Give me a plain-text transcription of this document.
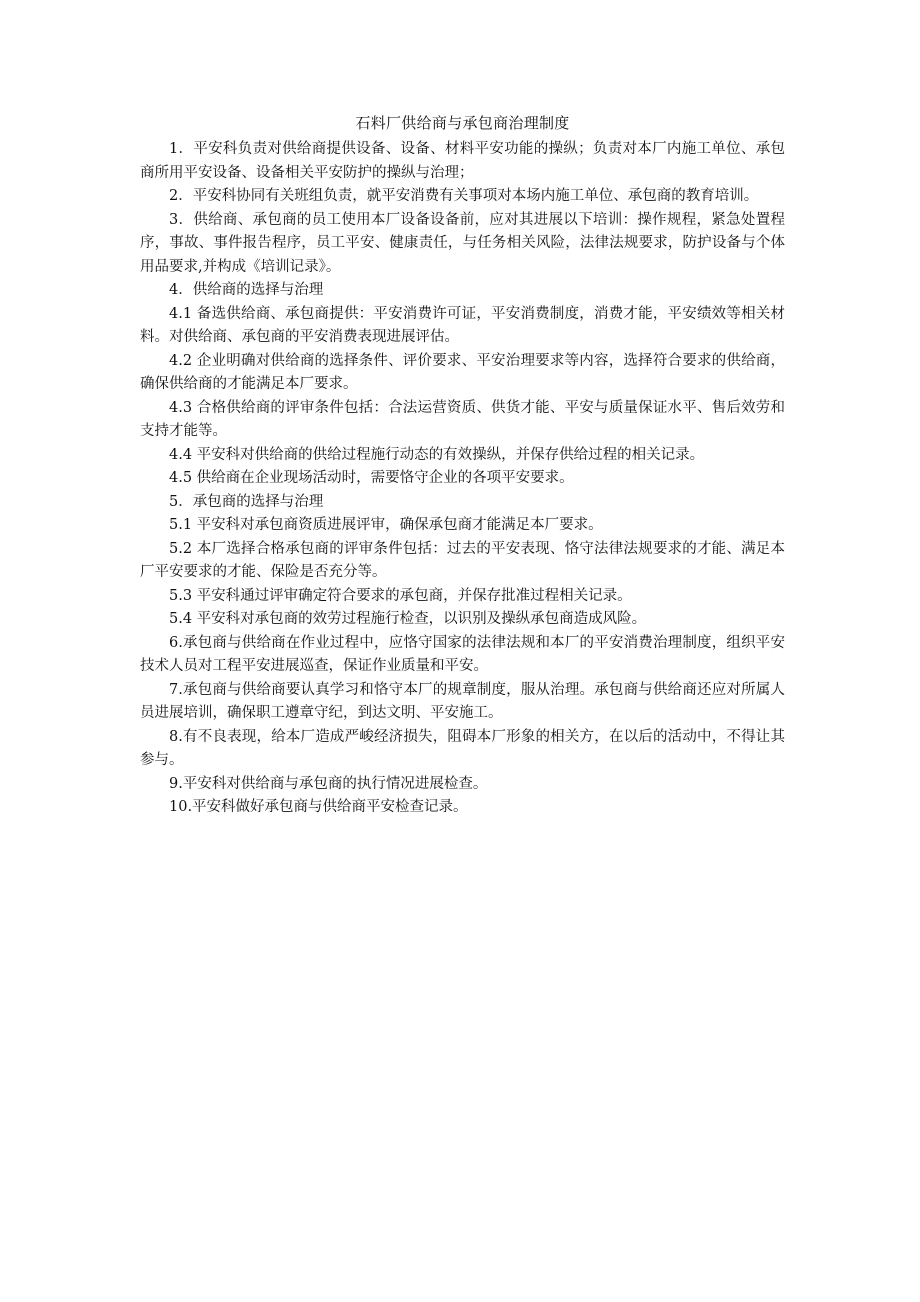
石料厂供给商与承包商治理制度

1．平安科负责对供给商提供设备、设备、材料平安功能的操纵；负责对本厂内施工单位、承包商所用平安设备、设备相关平安防护的操纵与治理；

2．平安科协同有关班组负责，就平安消费有关事项对本场内施工单位、承包商的教育培训。

3．供给商、承包商的员工使用本厂设备设备前，应对其进展以下培训：操作规程，紧急处置程序，事故、事件报告程序，员工平安、健康责任，与任务相关风险，法律法规要求，防护设备与个体用品要求,并构成《培训记录》。

4．供给商的选择与治理

4.1 备选供给商、承包商提供：平安消费许可证，平安消费制度，消费才能，平安绩效等相关材料。对供给商、承包商的平安消费表现进展评估。

4.2 企业明确对供给商的选择条件、评价要求、平安治理要求等内容，选择符合要求的供给商，确保供给商的才能满足本厂要求。

4.3 合格供给商的评审条件包括：合法运营资质、供货才能、平安与质量保证水平、售后效劳和支持才能等。

4.4 平安科对供给商的供给过程施行动态的有效操纵，并保存供给过程的相关记录。

4.5 供给商在企业现场活动时，需要恪守企业的各项平安要求。

5．承包商的选择与治理

5.1 平安科对承包商资质进展评审，确保承包商才能满足本厂要求。

5.2 本厂选择合格承包商的评审条件包括：过去的平安表现、恪守法律法规要求的才能、满足本厂平安要求的才能、保险是否充分等。

5.3 平安科通过评审确定符合要求的承包商，并保存批准过程相关记录。

5.4 平安科对承包商的效劳过程施行检查，以识别及操纵承包商造成风险。

6.承包商与供给商在作业过程中，应恪守国家的法律法规和本厂的平安消费治理制度，组织平安技术人员对工程平安进展巡查，保证作业质量和平安。

7.承包商与供给商要认真学习和恪守本厂的规章制度，服从治理。承包商与供给商还应对所属人员进展培训，确保职工遵章守纪，到达文明、平安施工。

8.有不良表现，给本厂造成严峻经济损失，阻碍本厂形象的相关方，在以后的活动中，不得让其参与。

9.平安科对供给商与承包商的执行情况进展检查。

10.平安科做好承包商与供给商平安检查记录。
